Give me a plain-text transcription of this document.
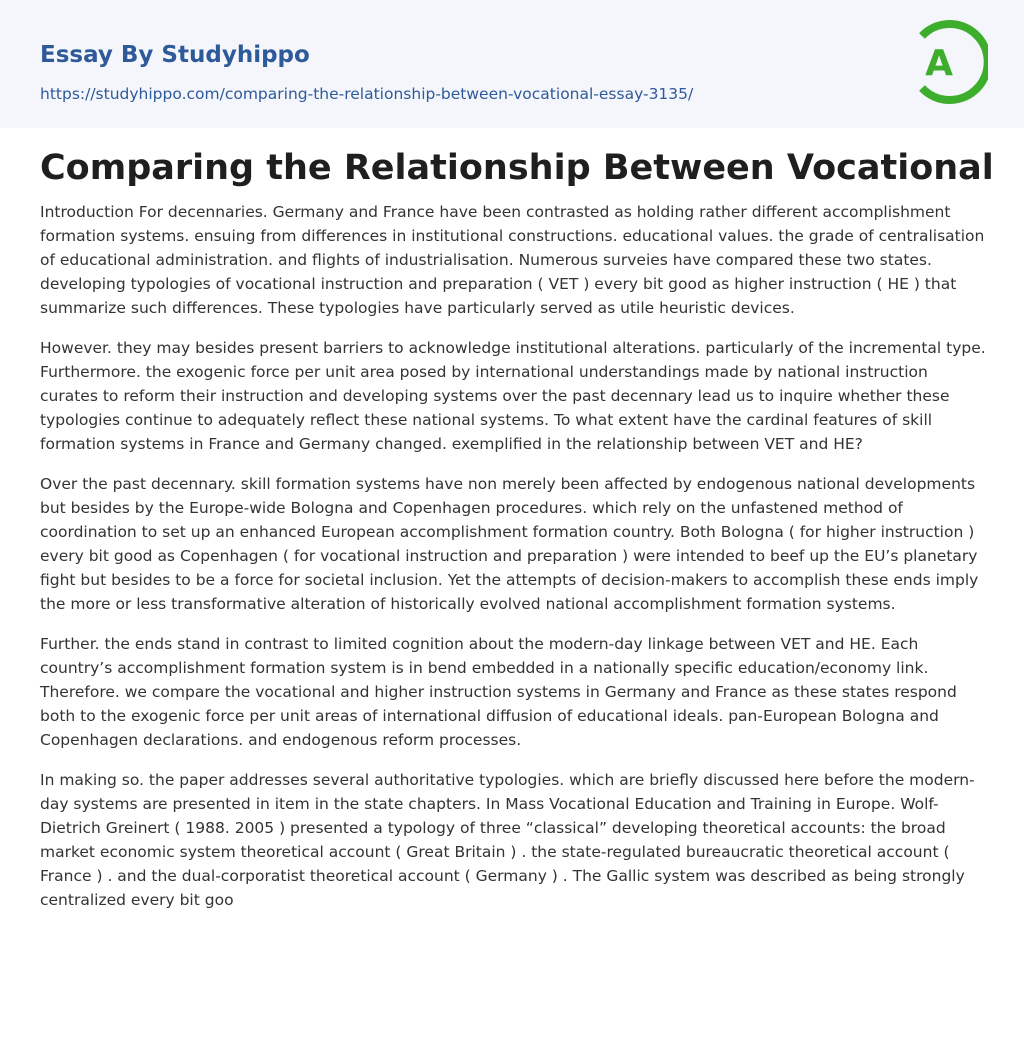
Essay By Studyhippo
https://studyhippo.com/comparing-the-relationship-between-vocational-essay-3135/
A
Comparing the Relationship Between Vocational

Introduction For decennaries. Germany and France have been contrasted as holding rather different accomplishment formation systems. ensuing from differences in institutional constructions. educational values. the grade of centralisation of educational administration. and flights of industrialisation. Numerous surveies have compared these two states. developing typologies of vocational instruction and preparation ( VET ) every bit good as higher instruction ( HE ) that summarize such differences. These typologies have particularly served as utile heuristic devices.

However. they may besides present barriers to acknowledge institutional alterations. particularly of the incremental type. Furthermore. the exogenic force per unit area posed by international understandings made by national instruction curates to reform their instruction and developing systems over the past decennary lead us to inquire whether these typologies continue to adequately reflect these national systems. To what extent have the cardinal features of skill formation systems in France and Germany changed. exemplified in the relationship between VET and HE?

Over the past decennary. skill formation systems have non merely been affected by endogenous national developments but besides by the Europe-wide Bologna and Copenhagen procedures. which rely on the unfastened method of coordination to set up an enhanced European accomplishment formation country. Both Bologna ( for higher instruction ) every bit good as Copenhagen ( for vocational instruction and preparation ) were intended to beef up the EU’s planetary fight but besides to be a force for societal inclusion. Yet the attempts of decision-makers to accomplish these ends imply the more or less transformative alteration of historically evolved national accomplishment formation systems.

Further. the ends stand in contrast to limited cognition about the modern-day linkage between VET and HE. Each country’s accomplishment formation system is in bend embedded in a nationally specific education/economy link. Therefore. we compare the vocational and higher instruction systems in Germany and France as these states respond both to the exogenic force per unit areas of international diffusion of educational ideals. pan-European Bologna and Copenhagen declarations. and endogenous reform processes.

In making so. the paper addresses several authoritative typologies. which are briefly discussed here before the modern-day systems are presented in item in the state chapters. In Mass Vocational Education and Training in Europe. Wolf-Dietrich Greinert ( 1988. 2005 ) presented a typology of three “classical” developing theoretical accounts: the broad market economic system theoretical account ( Great Britain ) . the state-regulated bureaucratic theoretical account ( France ) . and the dual-corporatist theoretical account ( Germany ) . The Gallic system was described as being strongly centralized every bit goo
